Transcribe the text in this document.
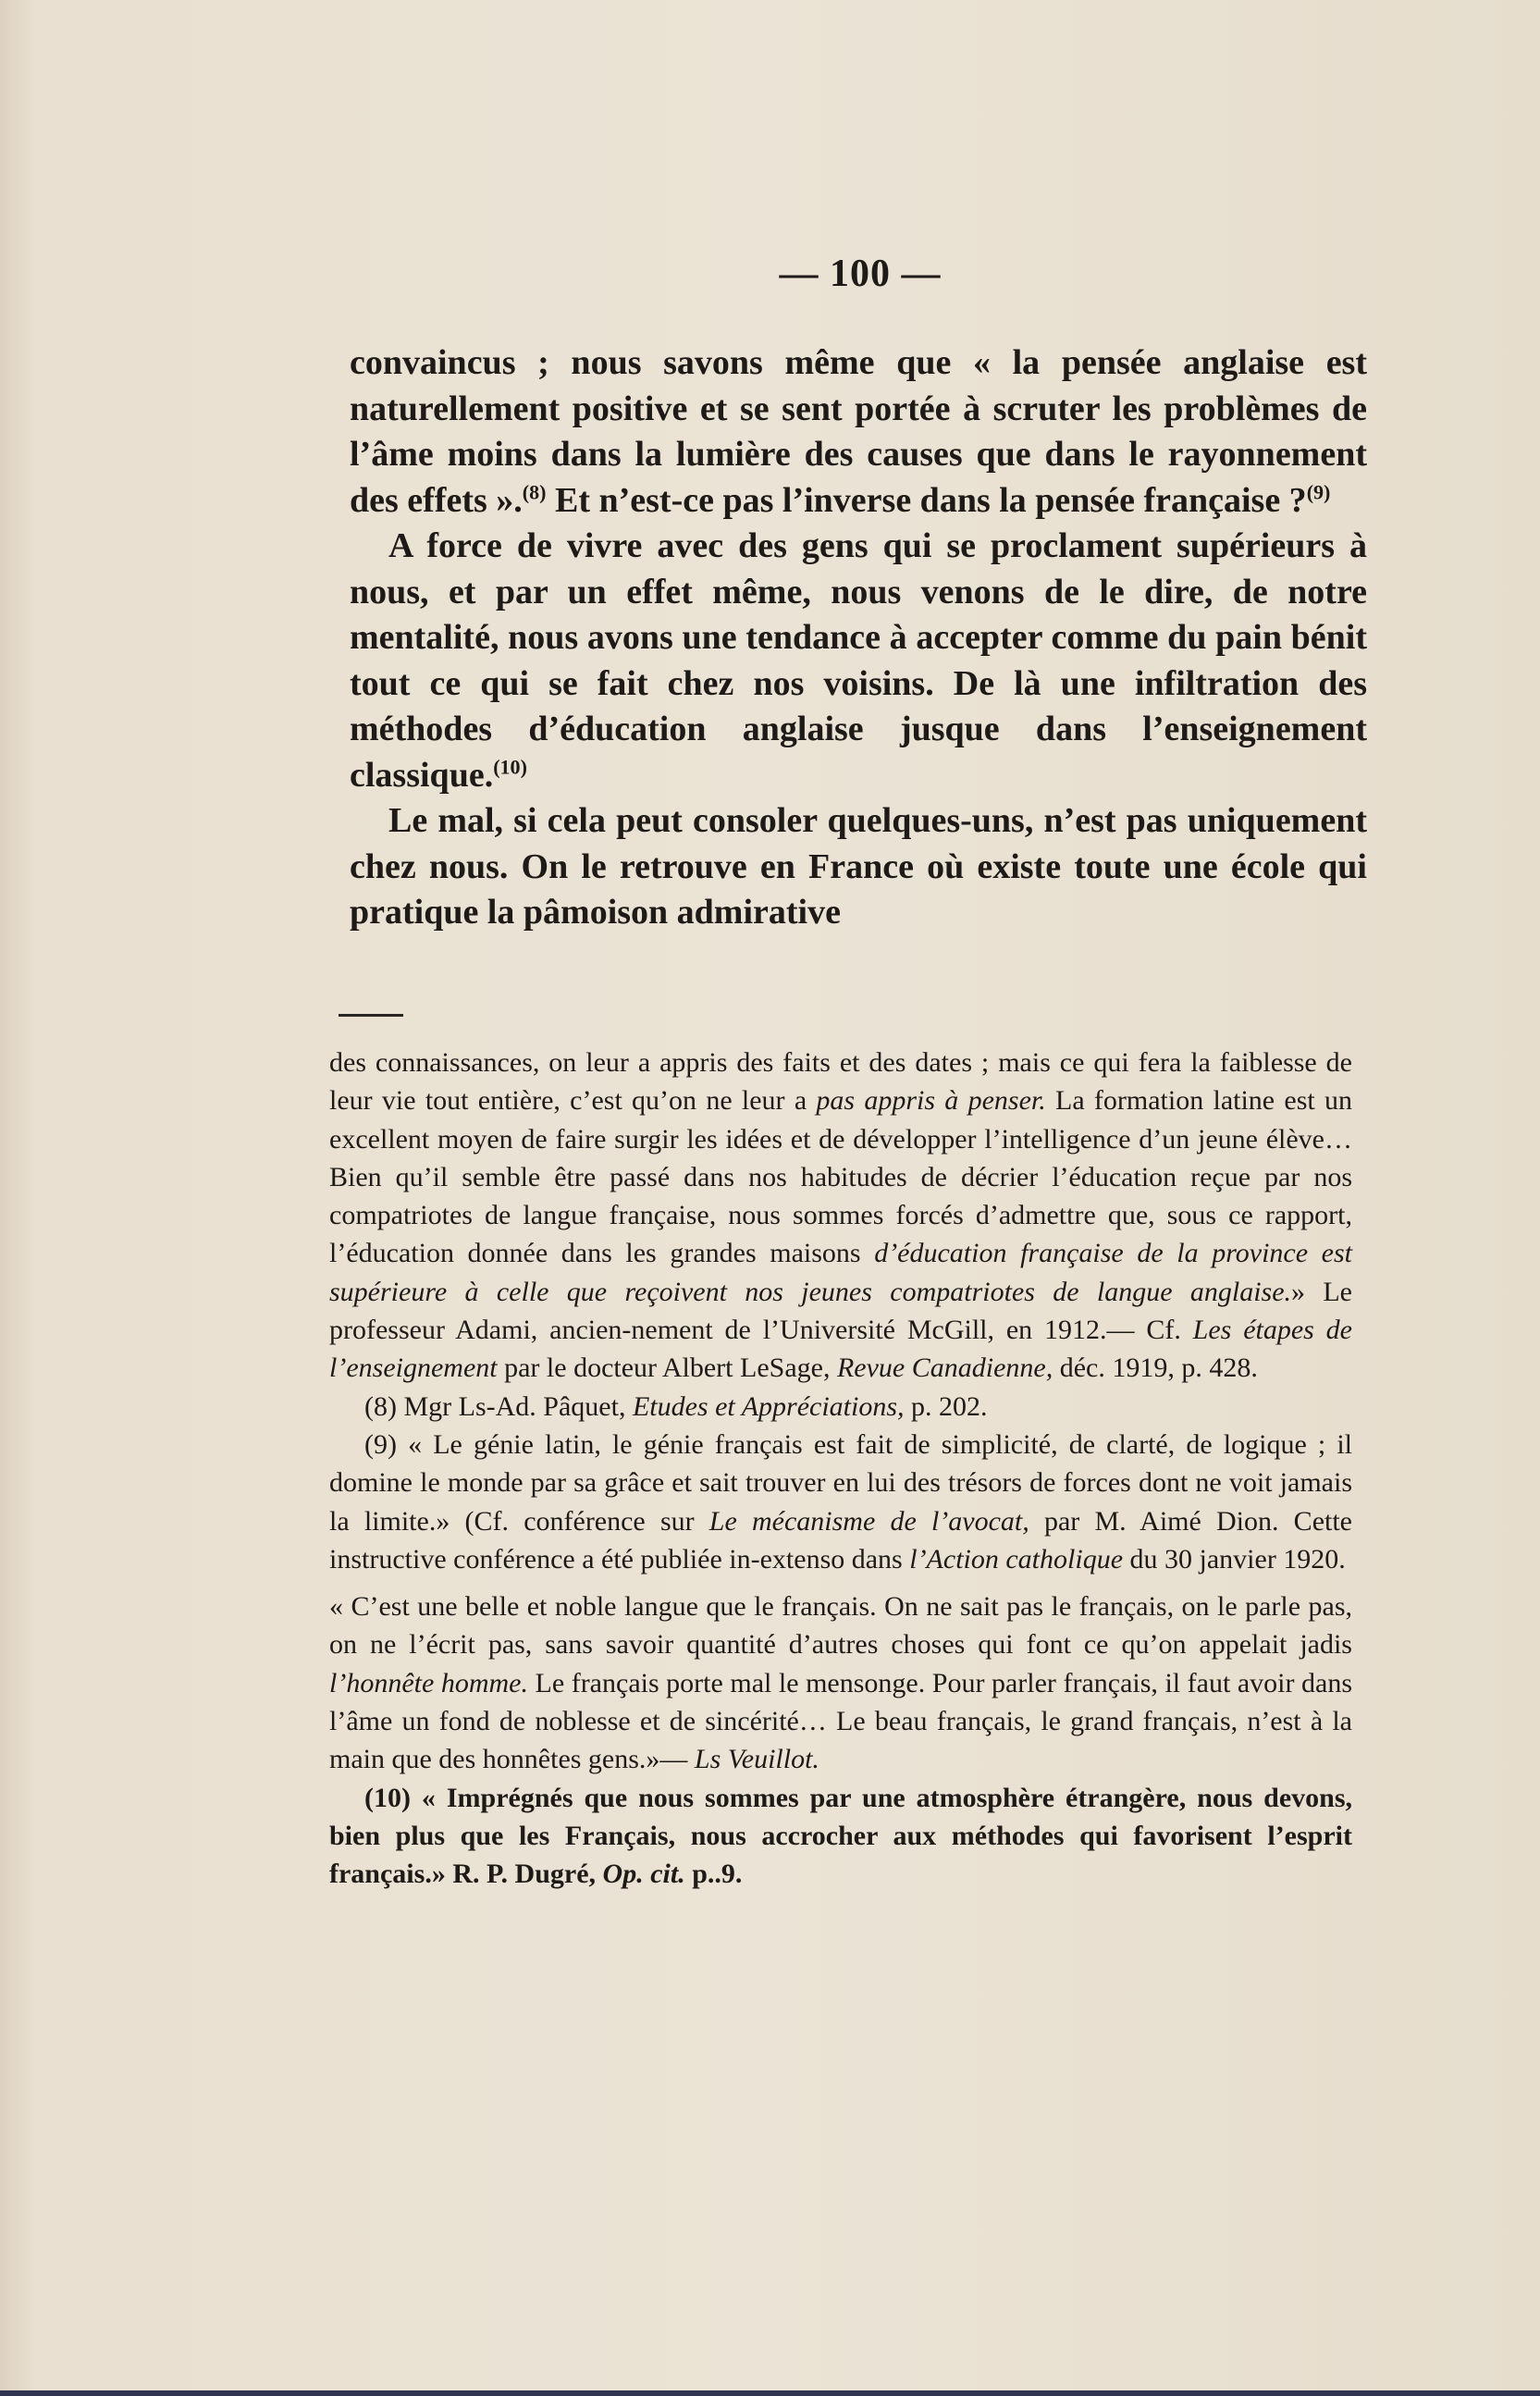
— 100 —

convaincus ; nous savons même que « la pensée anglaise est naturellement positive et se sent portée à scruter les problèmes de l’âme moins dans la lumière des causes que dans le rayonnement des effets ».$^{(8)}$ Et n’est-ce pas l’inverse dans la pensée française ?$^{(9)}$

A force de vivre avec des gens qui se proclament supérieurs à nous, et par un effet même, nous venons de le dire, de notre mentalité, nous avons une tendance à accepter comme du pain bénit tout ce qui se fait chez nos voisins. De là une infiltration des méthodes d’éducation anglaise jusque dans l’enseignement classique.$^{(10)}$

Le mal, si cela peut consoler quelques-uns, n’est pas uniquement chez nous. On le retrouve en France où existe toute une école qui pratique la pâmoison admirative

des connaissances, on leur a appris des faits et des dates ; mais ce qui fera la faiblesse de leur vie tout entière, c’est qu’on ne leur a pas appris à penser. La formation latine est un excellent moyen de faire surgir les idées et de développer l’intelligence d’un jeune élève… Bien qu’il semble être passé dans nos habitudes de décrier l’éducation reçue par nos compatriotes de langue française, nous sommes forcés d’admettre que, sous ce rapport, l’éducation donnée dans les grandes maisons d’éducation française de la province est supérieure à celle que reçoivent nos jeunes compatriotes de langue anglaise.» Le professeur Adami, ancien-nement de l’Université McGill, en 1912.— Cf. Les étapes de l’enseignement par le docteur Albert LeSage, Revue Canadienne, déc. 1919, p. 428.

(8) Mgr Ls-Ad. Pâquet, Etudes et Appréciations, p. 202.

(9) « Le génie latin, le génie français est fait de simplicité, de clarté, de logique ; il domine le monde par sa grâce et sait trouver en lui des trésors de forces dont ne voit jamais la limite.» (Cf. conférence sur Le mécanisme de l’avocat, par M. Aimé Dion. Cette instructive conférence a été publiée in-extenso dans l’Action catholique du 30 janvier 1920.

« C’est une belle et noble langue que le français. On ne sait pas le français, on le parle pas, on ne l’écrit pas, sans savoir quantité d’autres choses qui font ce qu’on appelait jadis l’honnête homme. Le français porte mal le mensonge. Pour parler français, il faut avoir dans l’âme un fond de noblesse et de sincérité… Le beau français, le grand français, n’est à la main que des honnêtes gens.»— Ls Veuillot.

(10) « Imprégnés que nous sommes par une atmosphère étrangère, nous devons, bien plus que les Français, nous accrocher aux méthodes qui favorisent l’esprit français.» R. P. Dugré, Op. cit. p..9.
